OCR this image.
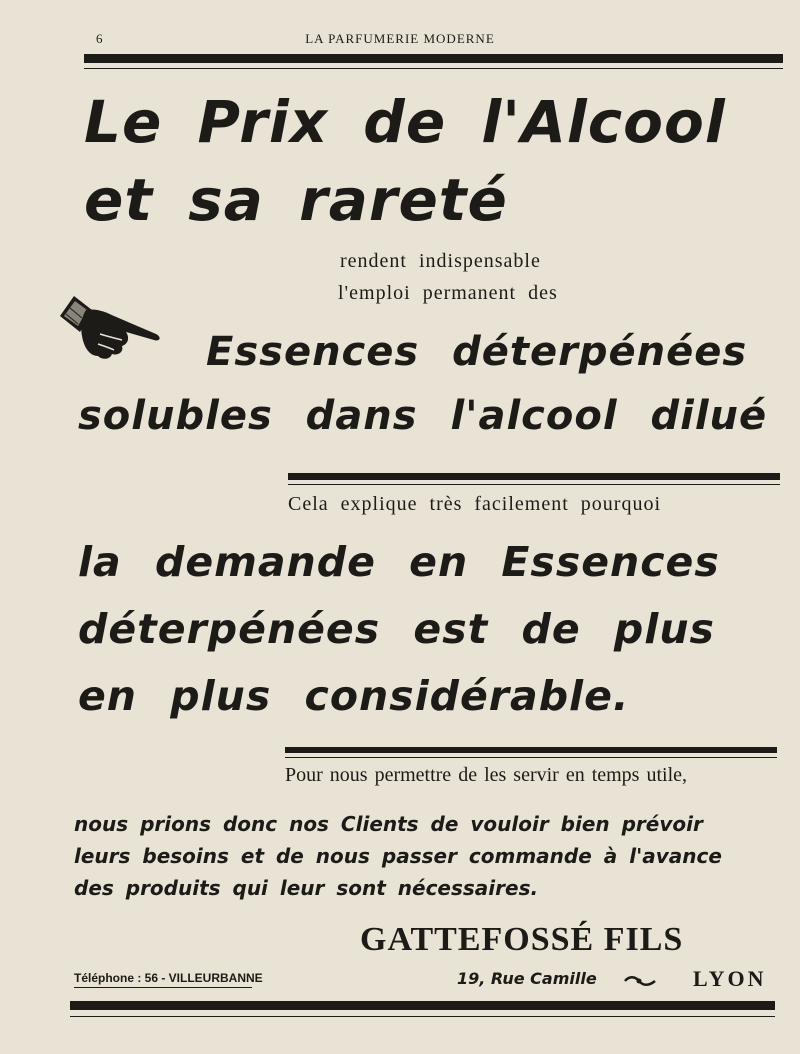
6	LA PARFUMERIE MODERNE
Le Prix de l'Alcool
et sa rareté
rendent indispensable
l'emploi permanent des
Essences déterpénées
solubles dans l'alcool dilué
Cela explique très facilement pourquoi
la demande en Essences
déterpénées est de plus
en plus considérable.
Pour nous permettre de les servir en temps utile,
nous prions donc nos Clients de vouloir bien prévoir
leurs besoins et de nous passer commande à l'avance
des produits qui leur sont nécessaires.
GATTEFOSSÉ FILS
Téléphone : 56 - VILLEURBANNE	19, Rue Camille	LYON
